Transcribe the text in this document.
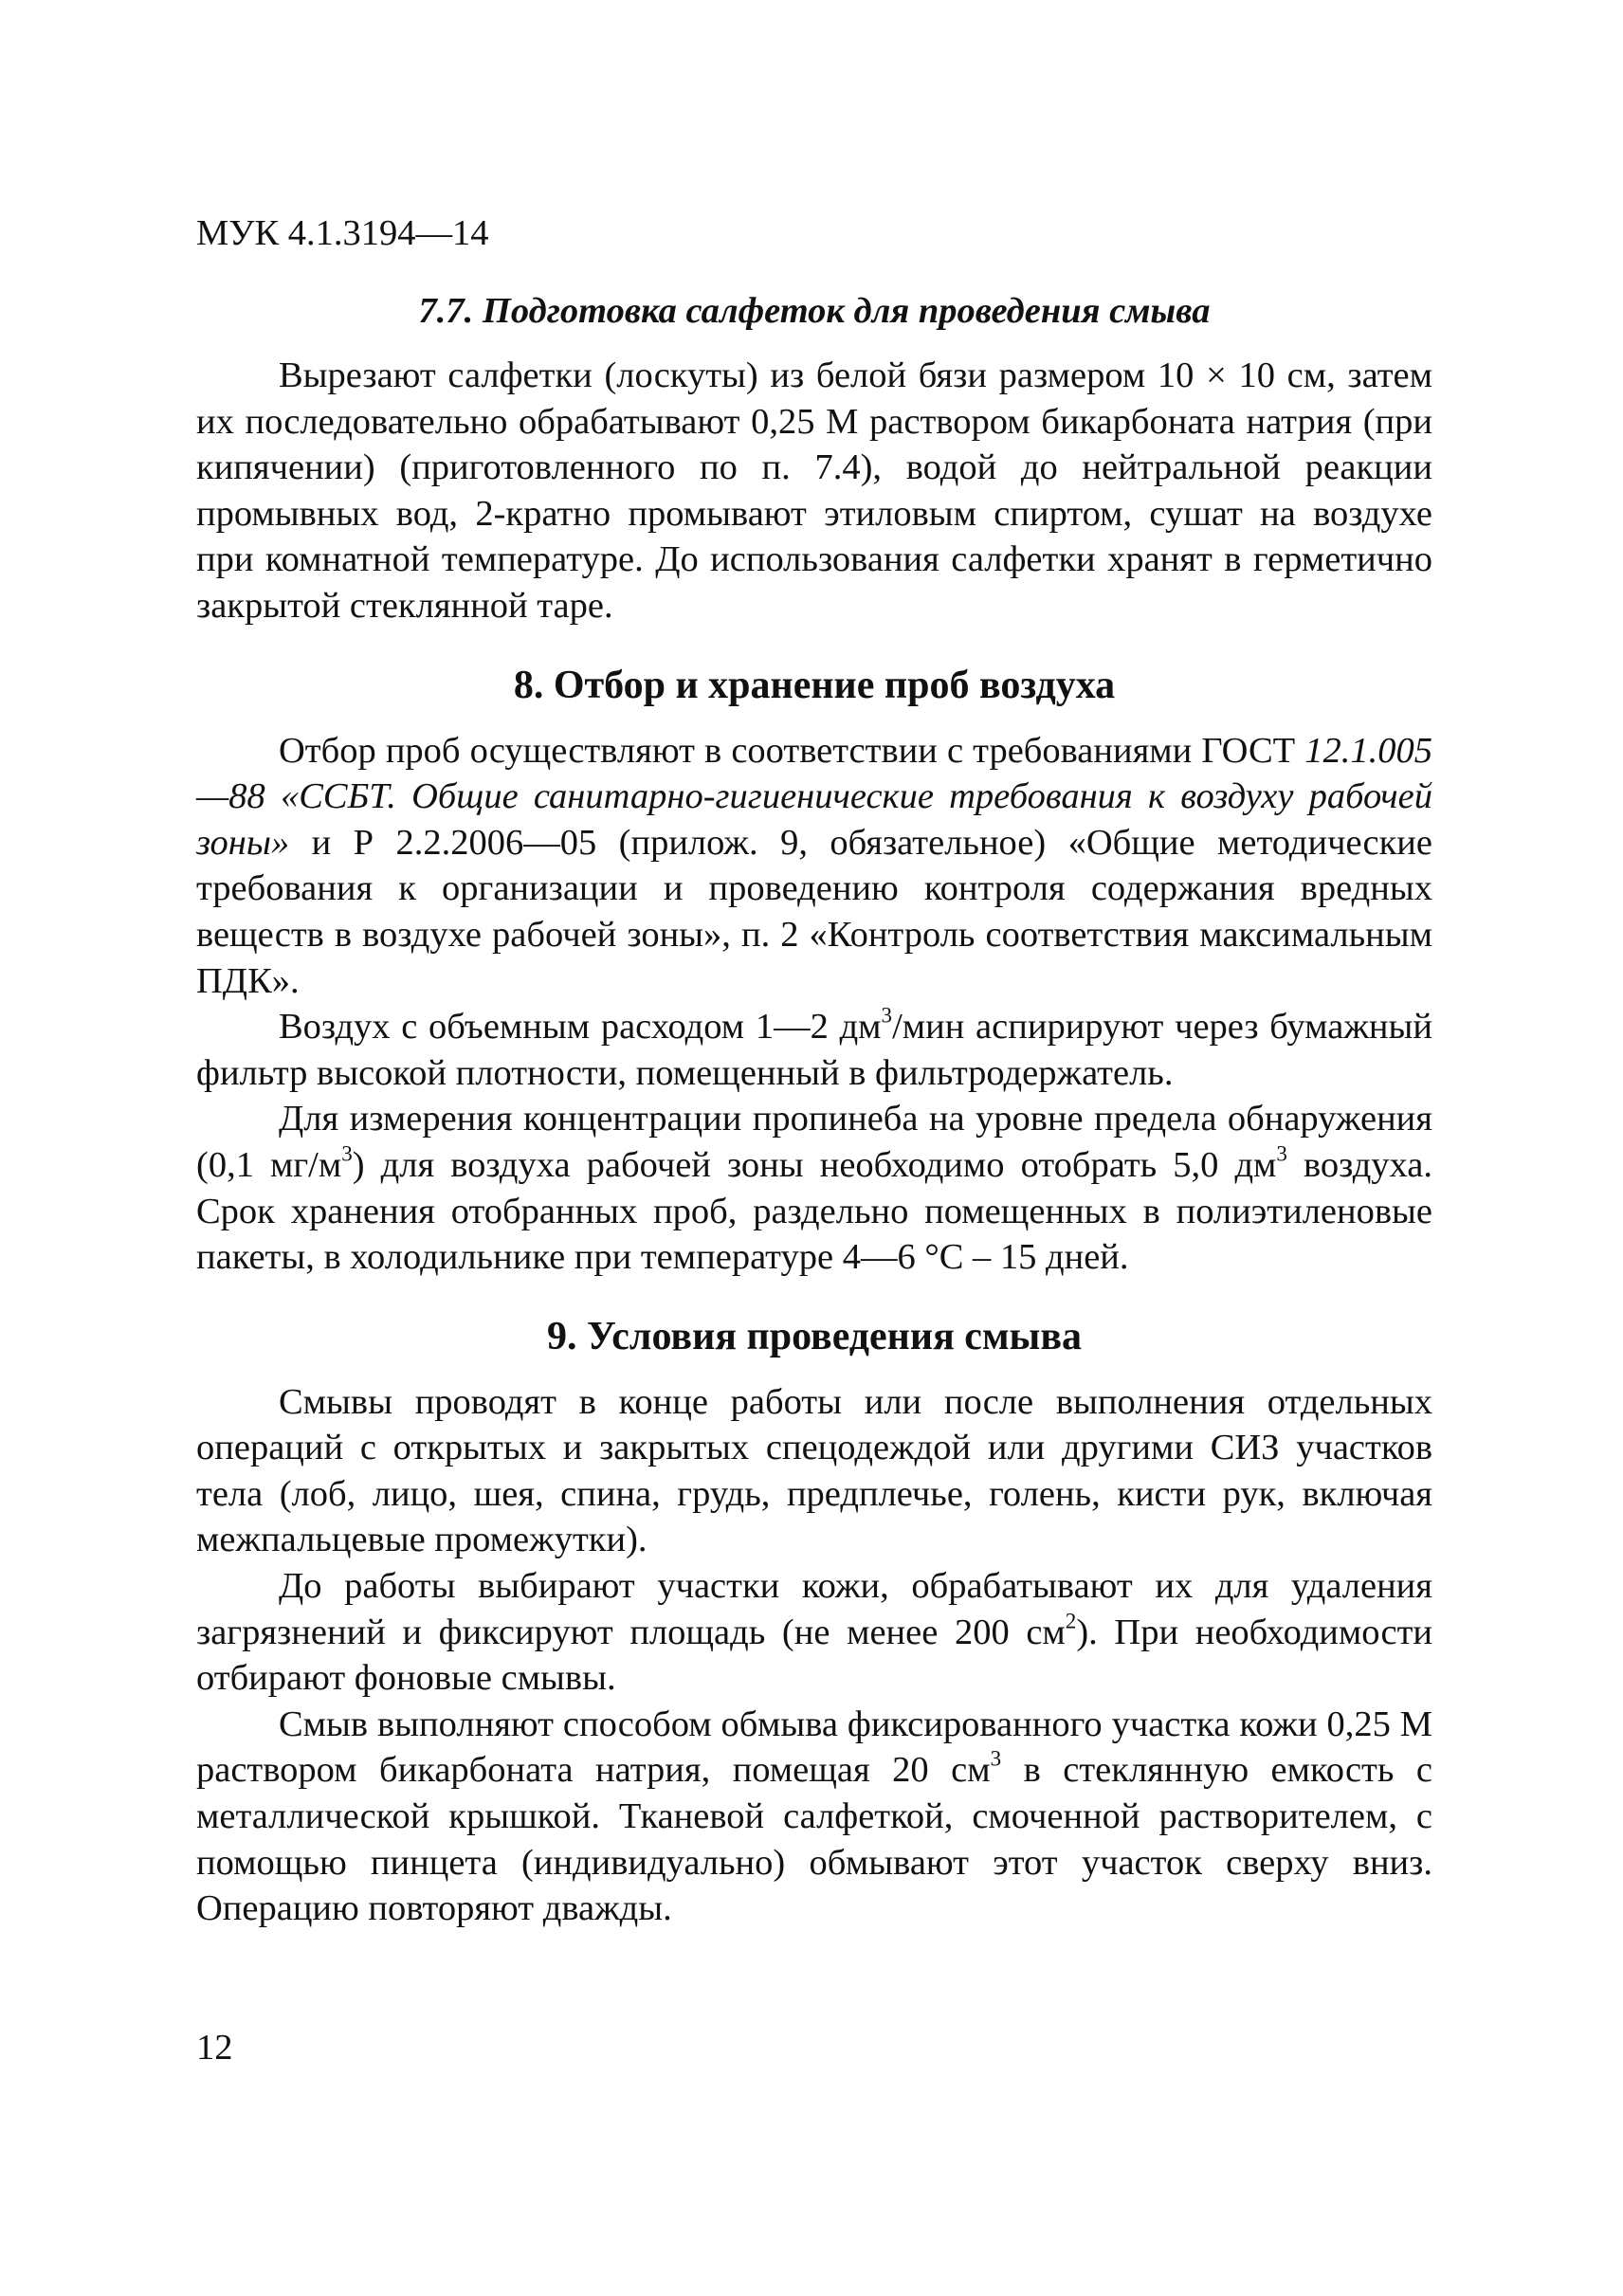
МУК 4.1.3194—14
7.7. Подготовка салфеток для проведения смыва

Вырезают салфетки (лоскуты) из белой бязи размером 10 × 10 см, затем их последовательно обрабатывают 0,25 М раствором бикарбоната натрия (при кипячении) (приготовленного по п. 7.4), водой до нейтральной реакции промывных вод, 2-кратно промывают этиловым спиртом, сушат на воздухе при комнатной температуре. До использования салфетки хранят в герметично закрытой стеклянной таре.

8. Отбор и хранение проб воздуха

Отбор проб осуществляют в соответствии с требованиями ГОСТ 12.1.005—88 «ССБТ. Общие санитарно-гигиенические требования к воздуху рабочей зоны» и Р 2.2.2006—05 (прилож. 9, обязательное) «Общие методические требования к организации и проведению контроля содержания вредных веществ в воздухе рабочей зоны», п. 2 «Контроль соответствия максимальным ПДК».

Воздух с объемным расходом 1—2 $дм^3$/мин аспирируют через бумажный фильтр высокой плотности, помещенный в фильтродержатель.

Для измерения концентрации пропинеба на уровне предела обнаружения (0,1 $мг/м^3$) для воздуха рабочей зоны необходимо отобрать 5,0 $дм^3$ воздуха. Срок хранения отобранных проб, раздельно помещенных в полиэтиленовые пакеты, в холодильнике при температуре 4—6 °С – 15 дней.

9. Условия проведения смыва

Смывы проводят в конце работы или после выполнения отдельных операций с открытых и закрытых спецодеждой или другими СИЗ участков тела (лоб, лицо, шея, спина, грудь, предплечье, голень, кисти рук, включая межпальцевые промежутки).

До работы выбирают участки кожи, обрабатывают их для удаления загрязнений и фиксируют площадь (не менее 200 $см^2$). При необходимости отбирают фоновые смывы.

Смыв выполняют способом обмыва фиксированного участка кожи 0,25 М раствором бикарбоната натрия, помещая 20 $см^3$ в стеклянную емкость с металлической крышкой. Тканевой салфеткой, смоченной растворителем, с помощью пинцета (индивидуально) обмывают этот участок сверху вниз. Операцию повторяют дважды.

12
